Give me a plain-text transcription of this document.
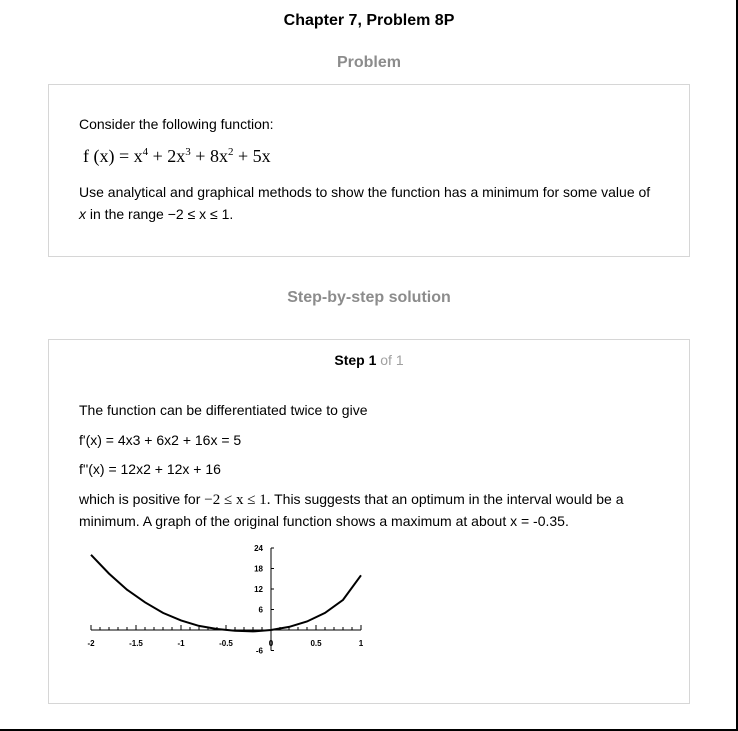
Chapter 7, Problem 8P
Problem
Consider the following function:
f $(x) = x^4 + 2x^3 + 8x^2 + 5x$
Use analytical and graphical methods to show the function has a minimum for some value of
x in the range −2 ≤ x ≤ 1.
Step-by-step solution
Step 1 of 1
The function can be differentiated twice to give
f'(x) = 4x3 + 6x2 + 16x = 5
f''(x) = 12x2 + 12x + 16
which is positive for −2 ≤ x ≤ 1. This suggests that an optimum in the interval would be a
minimum. A graph of the original function shows a maximum at about x = -0.35.
-2	-1.5	-1	-0.5	0	0.5	1
-6
6
12
18
24
